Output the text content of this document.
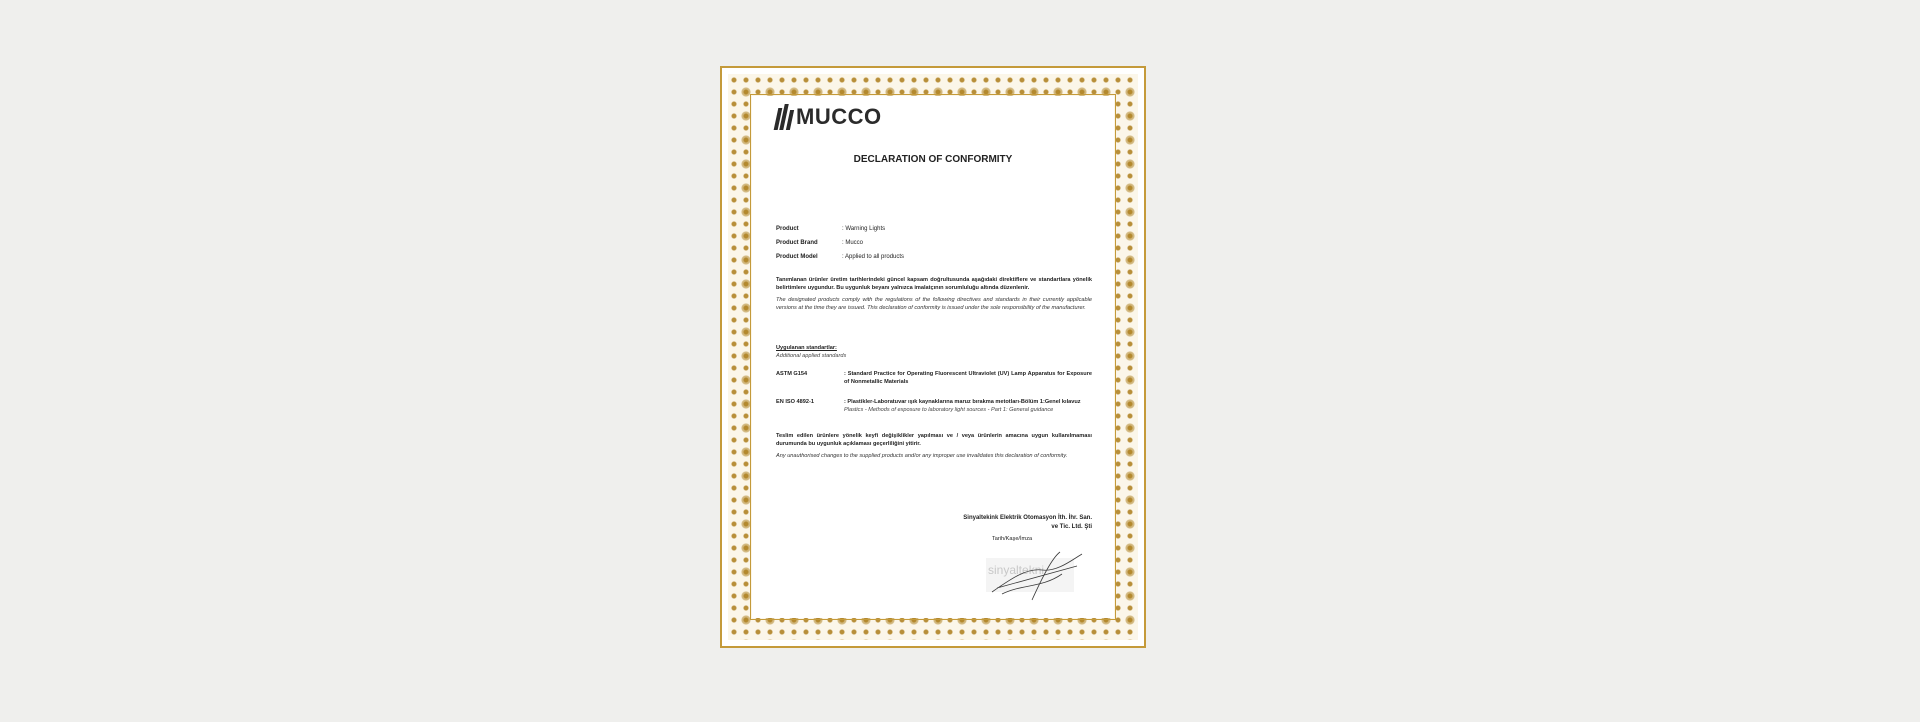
MUCCO
DECLARATION OF CONFORMITY
Product	: Warning Lights
Product Brand	: Mucco
Product Model	: Applied to all products
Tanımlanan ürünler üretim tarihlerindeki güncel kapsam doğrultusunda aşağıdaki direktiflere ve standartlara yönelik belirtimlere uygundur. Bu uygunluk beyanı yalnızca imalatçının sorumluluğu altında düzenlenir.
The designated products comply with the regulations of the following directives and standards in their currently applicable versions at the time they are issued. This declaration of conformity is issued under the sole responsibility of the manufacturer.
Uygulanan standartlar:
Additional applied standards
ASTM G154	: Standard Practice for Operating Fluorescent Ultraviolet (UV) Lamp Apparatus for Exposure of Nonmetallic Materials
EN ISO 4892-1	: Plastikler-Laboratuvar ışık kaynaklarına maruz bırakma metotları-Bölüm 1:Genel kılavuz
Plastics - Methods of exposure to laboratory light sources - Part 1: General guidance
Teslim edilen ürünlere yönelik keyfi değişiklikler yapılması ve / veya ürünlerin amacına uygun kullanılmaması durumunda bu uygunluk açıklaması geçerliliğini yitirir.
Any unauthorised changes to the supplied products and/or any improper use invalidates this declaration of conformity.
Sinyaltekink Elektrik Otomasyon İth. İhr. San.
ve Tic. Ltd. Şti
Tarih/Kaşe/İmza
sinyaltekni
